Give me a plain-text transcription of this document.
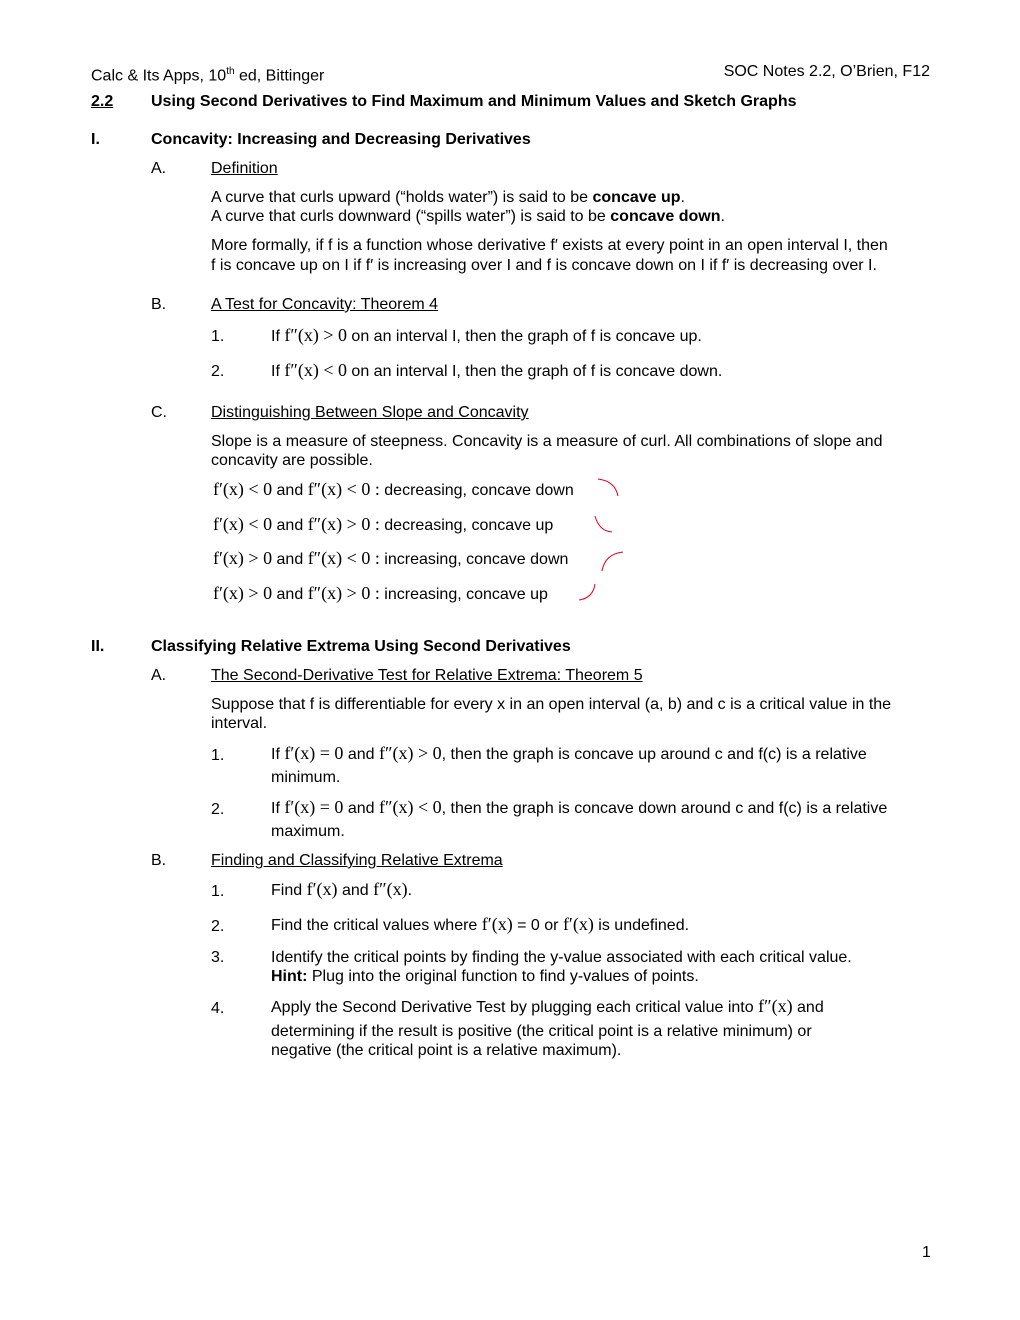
Calc & Its Apps, 10th ed, Bittinger	SOC Notes 2.2, O’Brien, F12
2.2 Using Second Derivatives to Find Maximum and Minimum Values and Sketch Graphs
I.	Concavity: Increasing and Decreasing Derivatives
A.	Definition
A curve that curls upward (“holds water”) is said to be concave up.
A curve that curls downward (“spills water”) is said to be concave down.
More formally, if f is a function whose derivative f′ exists at every point in an open interval I, then
f is concave up on I if f′ is increasing over I and f is concave down on I if f′ is decreasing over I.
B.	A Test for Concavity: Theorem 4
1.	If f″(x) > 0 on an interval I, then the graph of f is concave up.
2.	If f″(x) < 0 on an interval I, then the graph of f is concave down.
C.	Distinguishing Between Slope and Concavity
Slope is a measure of steepness. Concavity is a measure of curl. All combinations of slope and
concavity are possible.
f′(x) < 0 and f″(x) < 0 : decreasing, concave down
f′(x) < 0 and f″(x) > 0 : decreasing, concave up
f′(x) > 0 and f″(x) < 0 : increasing, concave down
f′(x) > 0 and f″(x) > 0 : increasing, concave up
II.	Classifying Relative Extrema Using Second Derivatives
A.	The Second-Derivative Test for Relative Extrema: Theorem 5
Suppose that f is differentiable for every x in an open interval (a, b) and c is a critical value in the
interval.
1.	If f′(x) = 0 and f″(x) > 0, then the graph is concave up around c and f(c) is a relative
minimum.
2.	If f′(x) = 0 and f″(x) < 0, then the graph is concave down around c and f(c) is a relative
maximum.
B.	Finding and Classifying Relative Extrema
1.	Find f′(x) and f″(x).
2.	Find the critical values where f′(x) = 0 or f′(x) is undefined.
3.	Identify the critical points by finding the y-value associated with each critical value.
Hint: Plug into the original function to find y-values of points.
4.	Apply the Second Derivative Test by plugging each critical value into f″(x) and
determining if the result is positive (the critical point is a relative minimum) or
negative (the critical point is a relative maximum).
1
